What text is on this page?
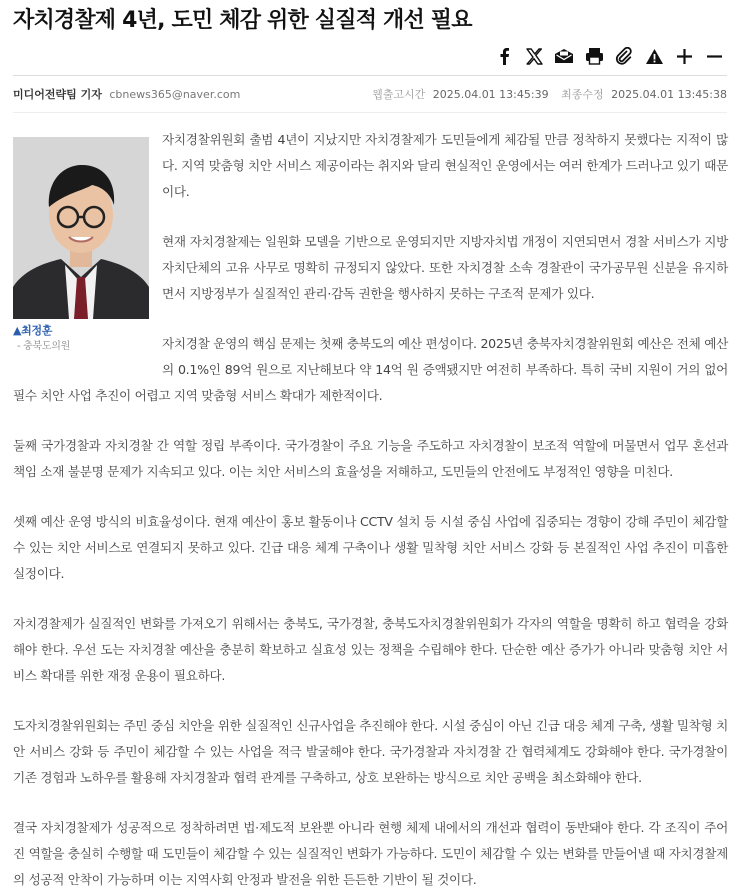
자치경찰제 4년, 도민 체감 위한 실질적 개선 필요
미디어전략팀 기자 cbnews365@naver.com	웹출고시간 2025.04.01 13:45:39 최종수정 2025.04.01 13:45:38
▲최정훈
- 충북도의원

자치경찰위원회 출범 4년이 지났지만 자치경찰제가 도민들에게 체감될 만큼 정착하지 못했다는 지적이 많다. 지역 맞춤형 치안 서비스 제공이라는 취지와 달리 현실적인 운영에서는 여러 한계가 드러나고 있기 때문이다.

현재 자치경찰제는 일원화 모델을 기반으로 운영되지만 지방자치법 개정이 지연되면서 경찰 서비스가 지방자치단체의 고유 사무로 명확히 규정되지 않았다. 또한 자치경찰 소속 경찰관이 국가공무원 신분을 유지하면서 지방정부가 실질적인 관리·감독 권한을 행사하지 못하는 구조적 문제가 있다.

자치경찰 운영의 핵심 문제는 첫째 충북도의 예산 편성이다. 2025년 충북자치경찰위원회 예산은 전체 예산의 0.1%인 89억 원으로 지난해보다 약 14억 원 증액됐지만 여전히 부족하다. 특히 국비 지원이 거의 없어 필수 치안 사업 추진이 어렵고 지역 맞춤형 서비스 확대가 제한적이다.

둘째 국가경찰과 자치경찰 간 역할 정립 부족이다. 국가경찰이 주요 기능을 주도하고 자치경찰이 보조적 역할에 머물면서 업무 혼선과 책임 소재 불분명 문제가 지속되고 있다. 이는 치안 서비스의 효율성을 저해하고, 도민들의 안전에도 부정적인 영향을 미친다.

셋째 예산 운영 방식의 비효율성이다. 현재 예산이 홍보 활동이나 CCTV 설치 등 시설 중심 사업에 집중되는 경향이 강해 주민이 체감할 수 있는 치안 서비스로 연결되지 못하고 있다. 긴급 대응 체계 구축이나 생활 밀착형 치안 서비스 강화 등 본질적인 사업 추진이 미흡한 실정이다.

자치경찰제가 실질적인 변화를 가져오기 위해서는 충북도, 국가경찰, 충북도자치경찰위원회가 각자의 역할을 명확히 하고 협력을 강화해야 한다. 우선 도는 자치경찰 예산을 충분히 확보하고 실효성 있는 정책을 수립해야 한다. 단순한 예산 증가가 아니라 맞춤형 치안 서비스 확대를 위한 재정 운용이 필요하다.

도자치경찰위원회는 주민 중심 치안을 위한 실질적인 신규사업을 추진해야 한다. 시설 중심이 아닌 긴급 대응 체계 구축, 생활 밀착형 치안 서비스 강화 등 주민이 체감할 수 있는 사업을 적극 발굴해야 한다. 국가경찰과 자치경찰 간 협력체계도 강화해야 한다. 국가경찰이 기존 경험과 노하우를 활용해 자치경찰과 협력 관계를 구축하고, 상호 보완하는 방식으로 치안 공백을 최소화해야 한다.

결국 자치경찰제가 성공적으로 정착하려면 법·제도적 보완뿐 아니라 현행 체제 내에서의 개선과 협력이 동반돼야 한다. 각 조직이 주어진 역할을 충실히 수행할 때 도민들이 체감할 수 있는 실질적인 변화가 가능하다. 도민이 체감할 수 있는 변화를 만들어낼 때 자치경찰제의 성공적 안착이 가능하며 이는 지역사회 안정과 발전을 위한 든든한 기반이 될 것이다.
